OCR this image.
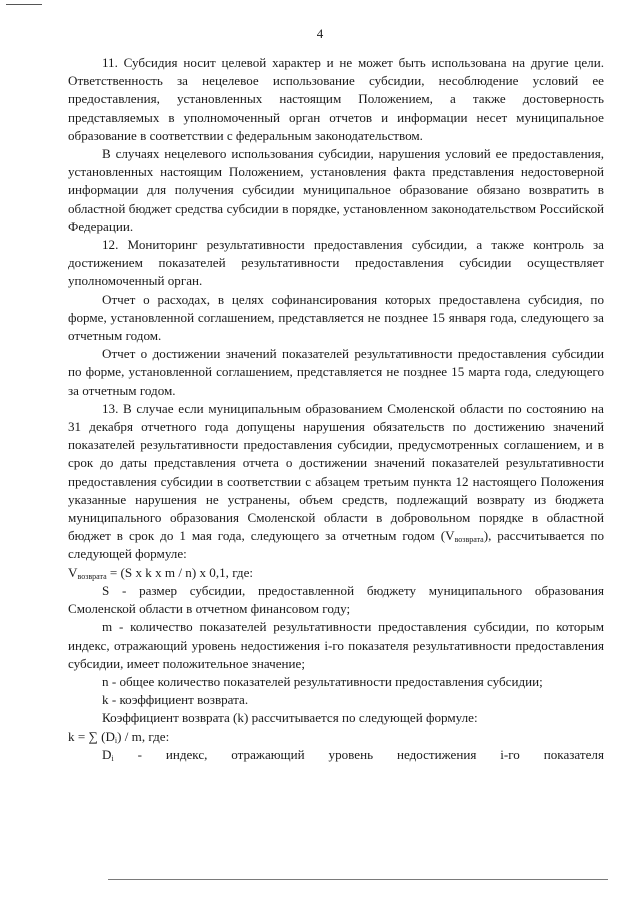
4

11. Субсидия носит целевой характер и не может быть использована на другие цели. Ответственность за нецелевое использование субсидии, несоблюдение условий ее предоставления, установленных настоящим Положением, а также достоверность представляемых в уполномоченный орган отчетов и информации несет муниципальное образование в соответствии с федеральным законодательством.

В случаях нецелевого использования субсидии, нарушения условий ее предоставления, установленных настоящим Положением, установления факта представления недостоверной информации для получения субсидии муниципальное образование обязано возвратить в областной бюджет средства субсидии в порядке, установленном законодательством Российской Федерации.

12. Мониторинг результативности предоставления субсидии, а также контроль за достижением показателей результативности предоставления субсидии осуществляет уполномоченный орган.

Отчет о расходах, в целях софинансирования которых предоставлена субсидия, по форме, установленной соглашением, представляется не позднее 15 января года, следующего за отчетным годом.

Отчет о достижении значений показателей результативности предоставления субсидии по форме, установленной соглашением, представляется не позднее 15 марта года, следующего за отчетным годом.

13. В случае если муниципальным образованием Смоленской области по состоянию на 31 декабря отчетного года допущены нарушения обязательств по достижению значений показателей результативности предоставления субсидии, предусмотренных соглашением, и в срок до даты представления отчета о достижении значений показателей результативности предоставления субсидии в соответствии с абзацем третьим пункта 12 настоящего Положения указанные нарушения не устранены, объем средств, подлежащий возврату из бюджета муниципального образования Смоленской области в добровольном порядке в областной бюджет в срок до 1 мая года, следующего за отчетным годом $(V_{возврата})$, рассчитывается по следующей формуле:

$V_{возврата} = (S$ x k x m / n) x 0,1, где:

S - размер субсидии, предоставленной бюджету муниципального образования Смоленской области в отчетном финансовом году;

m - количество показателей результативности предоставления субсидии, по которым индекс, отражающий уровень недостижения i-го показателя результативности предоставления субсидии, имеет положительное значение;

n - общее количество показателей результативности предоставления субсидии;

k - коэффициент возврата.

Коэффициент возврата (k) рассчитывается по следующей формуле:

k = ∑ $(D_i)$ / m, где:

$D_i$ - индекс, отражающий уровень недостижения i-го показателя
